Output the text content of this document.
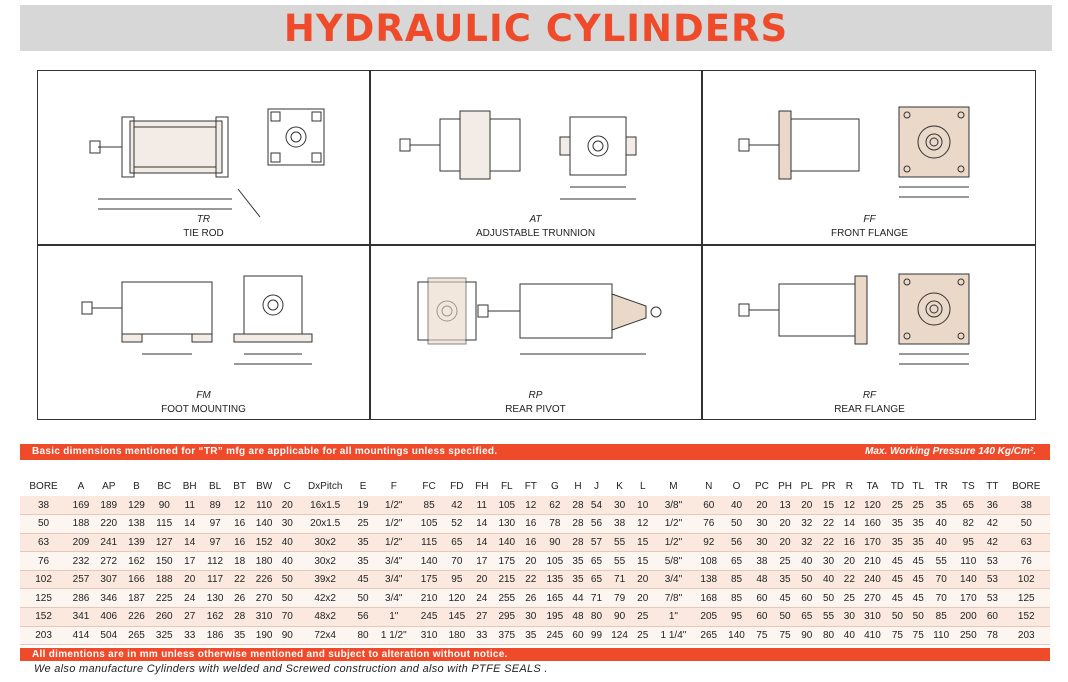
HYDRAULIC CYLINDERS
TR
TIE ROD
AT
ADJUSTABLE TRUNNION
FF
FRONT FLANGE
FM
FOOT MOUNTING
RP
REAR PIVOT
RF
REAR FLANGE
Basic dimensions mentioned for “TR” mfg are applicable for all mountings unless specified.	Max. Working Pressure 140 Kg/Cm².
BORE	A	AP	B	BC	BH	BL	BT	BW	C	DxPitch	E	F	FC	FD	FH	FL	FT	G	H	J	K	L	M	N	O	PC	PH	PL	PR	R	TA	TD	TL	TR	TS	TT	BORE
38	169	189	129	90	11	89	12	110	20	16x1.5	19	1/2"	85	42	11	105	12	62	28	54	30	10	3/8"	60	40	20	13	20	15	12	120	25	25	35	65	36	38
50	188	220	138	115	14	97	16	140	30	20x1.5	25	1/2"	105	52	14	130	16	78	28	56	38	12	1/2"	76	50	30	20	32	22	14	160	35	35	40	82	42	50
63	209	241	139	127	14	97	16	152	40	30x2	35	1/2"	115	65	14	140	16	90	28	57	55	15	1/2"	92	56	30	20	32	22	16	170	35	35	40	95	42	63
76	232	272	162	150	17	112	18	180	40	30x2	35	3/4"	140	70	17	175	20	105	35	65	55	15	5/8"	108	65	38	25	40	30	20	210	45	45	55	110	53	76
102	257	307	166	188	20	117	22	226	50	39x2	45	3/4"	175	95	20	215	22	135	35	65	71	20	3/4"	138	85	48	35	50	40	22	240	45	45	70	140	53	102
125	286	346	187	225	24	130	26	270	50	42x2	50	3/4"	210	120	24	255	26	165	44	71	79	20	7/8"	168	85	60	45	60	50	25	270	45	45	70	170	53	125
152	341	406	226	260	27	162	28	310	70	48x2	56	1"	245	145	27	295	30	195	48	80	90	25	1"	205	95	60	50	65	55	30	310	50	50	85	200	60	152
203	414	504	265	325	33	186	35	190	90	72x4	80	1 1/2"	310	180	33	375	35	245	60	99	124	25	1 1/4"	265	140	75	75	90	80	40	410	75	75	110	250	78	203
All dimentions are in mm unless otherwise mentioned and subject to alteration without notice.
We also manufacture Cylinders with welded and Screwed construction and also with PTFE SEALS .
